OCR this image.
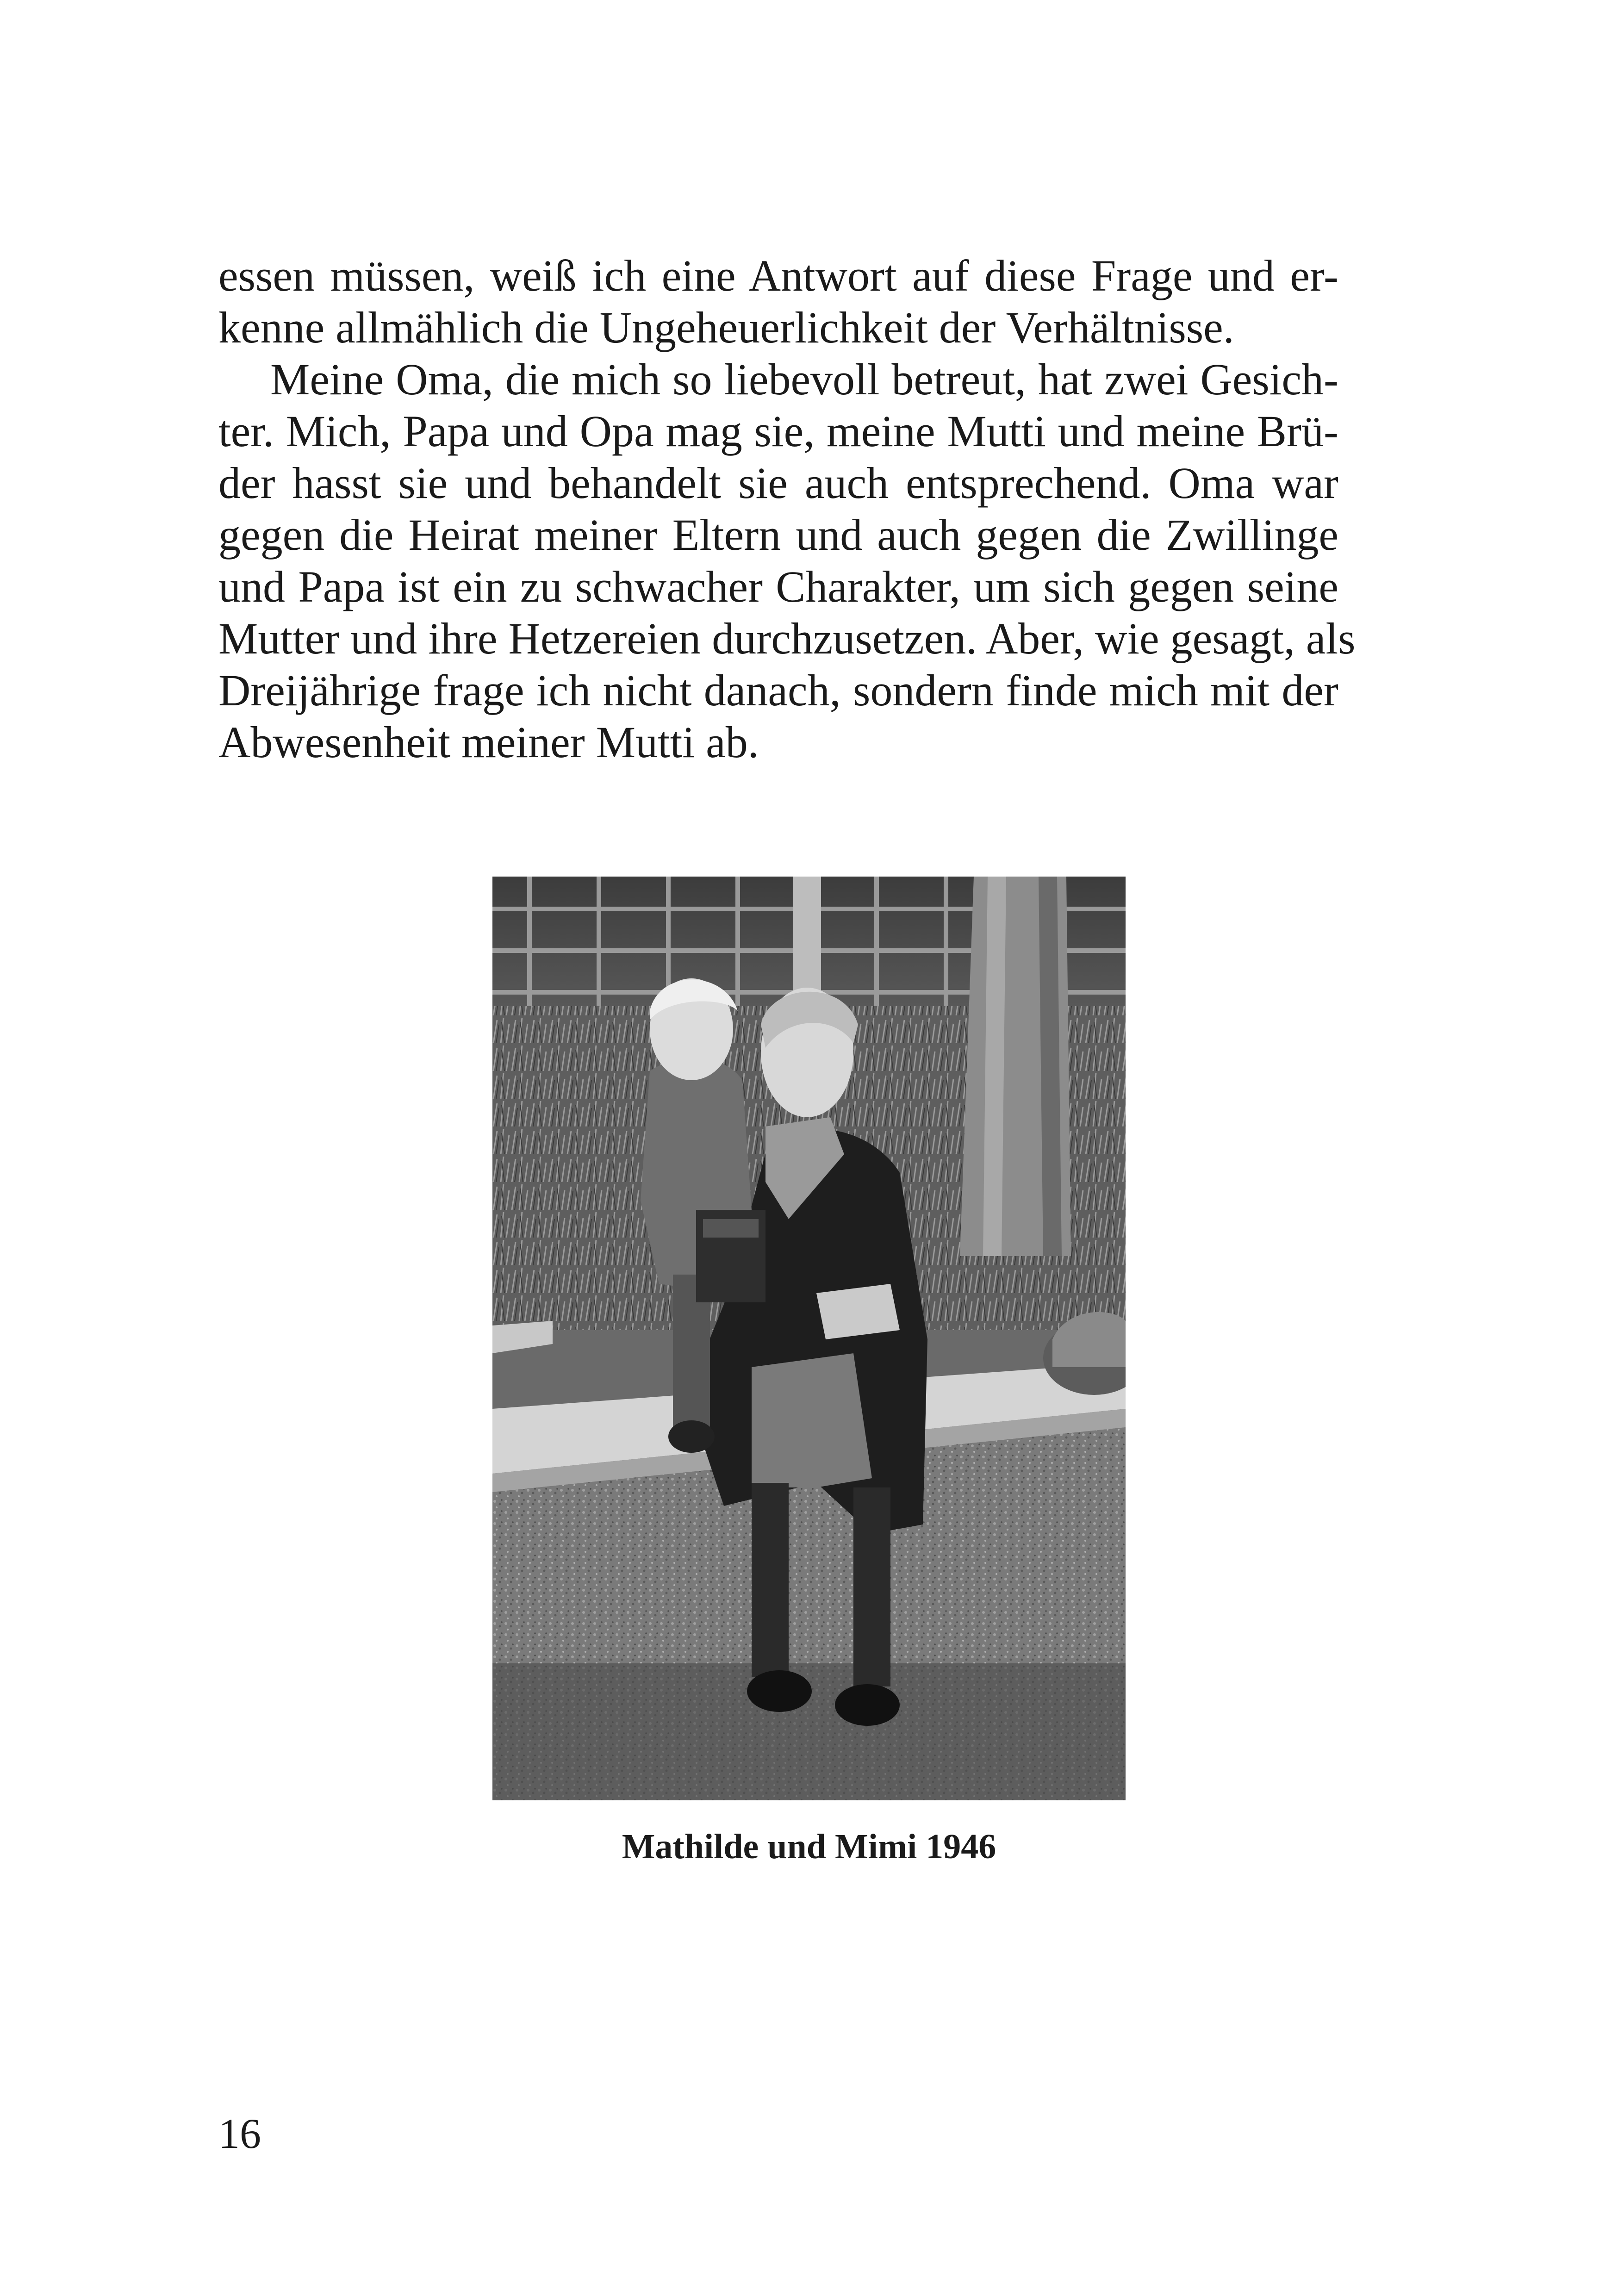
essen müssen, weiß ich eine Antwort auf diese Frage und er-
kenne allmählich die Ungeheuerlichkeit der Verhältnisse.

Meine Oma, die mich so liebevoll betreut, hat zwei Gesich-
ter. Mich, Papa und Opa mag sie, meine Mutti und meine Brü-
der hasst sie und behandelt sie auch entsprechend. Oma war
gegen die Heirat meiner Eltern und auch gegen die Zwillinge
und Papa ist ein zu schwacher Charakter, um sich gegen seine
Mutter und ihre Hetzereien durchzusetzen. Aber, wie gesagt, als
Dreijährige frage ich nicht danach, sondern finde mich mit der
Abwesenheit meiner Mutti ab.

Mathilde und Mimi 1946
16
